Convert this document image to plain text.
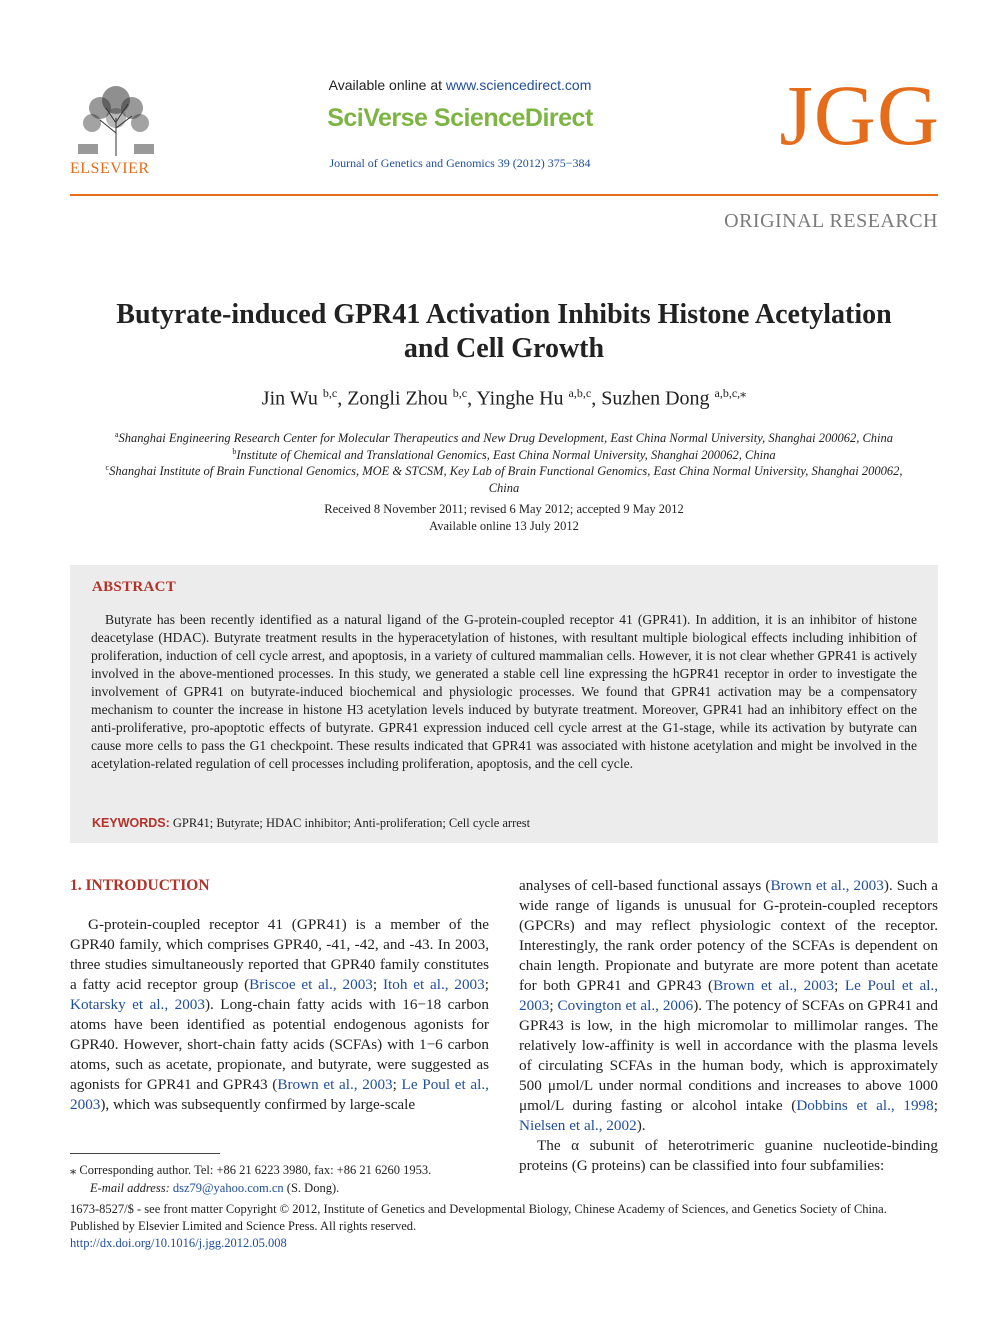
ELSEVIER
Available online at www.sciencedirect.com
SciVerse ScienceDirect
Journal of Genetics and Genomics 39 (2012) 375−384	JGG
ORIGINAL RESEARCH
Butyrate-induced GPR41 Activation Inhibits Histone Acetylation
and Cell Growth
Jin Wu $^{b,c}$, Zongli Zhou $^{b,c}$, Yinghe Hu $^{a,b,c}$, Suzhen Dong $^{a,b,c,⁎}$
$^a$Shanghai Engineering Research Center for Molecular Therapeutics and New Drug Development, East China Normal University, Shanghai 200062, China
$^b$Institute of Chemical and Translational Genomics, East China Normal University, Shanghai 200062, China
$^c$Shanghai Institute of Brain Functional Genomics, MOE & STCSM, Key Lab of Brain Functional Genomics, East China Normal University, Shanghai 200062,
China
Received 8 November 2011; revised 6 May 2012; accepted 9 May 2012
Available online 13 July 2012
ABSTRACT
Butyrate has been recently identified as a natural ligand of the G-protein-coupled receptor 41 (GPR41). In addition, it is an inhibitor of histone deacetylase (HDAC). Butyrate treatment results in the hyperacetylation of histones, with resultant multiple biological effects including inhibition of proliferation, induction of cell cycle arrest, and apoptosis, in a variety of cultured mammalian cells. However, it is not clear whether GPR41 is actively involved in the above-mentioned processes. In this study, we generated a stable cell line expressing the hGPR41 receptor in order to investigate the involvement of GPR41 on butyrate-induced biochemical and physiologic processes. We found that GPR41 activation may be a compensatory mechanism to counter the increase in histone H3 acetylation levels induced by butyrate treatment. Moreover, GPR41 had an inhibitory effect on the anti-proliferative, pro-apoptotic effects of butyrate. GPR41 expression induced cell cycle arrest at the G1-stage, while its activation by butyrate can cause more cells to pass the G1 checkpoint. These results indicated that GPR41 was associated with histone acetylation and might be involved in the acetylation-related regulation of cell processes including proliferation, apoptosis, and the cell cycle.
KEYWORDS: GPR41; Butyrate; HDAC inhibitor; Anti-proliferation; Cell cycle arrest
1. INTRODUCTION

G-protein-coupled receptor 41 (GPR41) is a member of the GPR40 family, which comprises GPR40, -41, -42, and -43. In 2003, three studies simultaneously reported that GPR40 family constitutes a fatty acid receptor group (Briscoe et al., 2003; Itoh et al., 2003; Kotarsky et al., 2003). Long-chain fatty acids with 16−18 carbon atoms have been identified as potential endogenous agonists for GPR40. However, short-chain fatty acids (SCFAs) with 1−6 carbon atoms, such as acetate, propionate, and butyrate, were suggested as agonists for GPR41 and GPR43 (Brown et al., 2003; Le Poul et al., 2003), which was subsequently confirmed by large-scale

analyses of cell-based functional assays (Brown et al., 2003). Such a wide range of ligands is unusual for G-protein-coupled receptors (GPCRs) and may reflect physiologic context of the receptor. Interestingly, the rank order potency of the SCFAs is dependent on chain length. Propionate and butyrate are more potent than acetate for both GPR41 and GPR43 (Brown et al., 2003; Le Poul et al., 2003; Covington et al., 2006). The potency of SCFAs on GPR41 and GPR43 is low, in the high micromolar to millimolar ranges. The relatively low-affinity is well in accordance with the plasma levels of circulating SCFAs in the human body, which is approximately 500 μmol/L under normal conditions and increases to above 1000 μmol/L during fasting or alcohol intake (Dobbins et al., 1998; Nielsen et al., 2002).

The α subunit of heterotrimeric guanine nucleotide-binding proteins (G proteins) can be classified into four subfamilies:

⁎ Corresponding author. Tel: +86 21 6223 3980, fax: +86 21 6260 1953.
E-mail address: dsz79@yahoo.com.cn (S. Dong).
1673-8527/$ - see front matter Copyright © 2012, Institute of Genetics and Developmental Biology, Chinese Academy of Sciences, and Genetics Society of China.
Published by Elsevier Limited and Science Press. All rights reserved.
http://dx.doi.org/10.1016/j.jgg.2012.05.008
